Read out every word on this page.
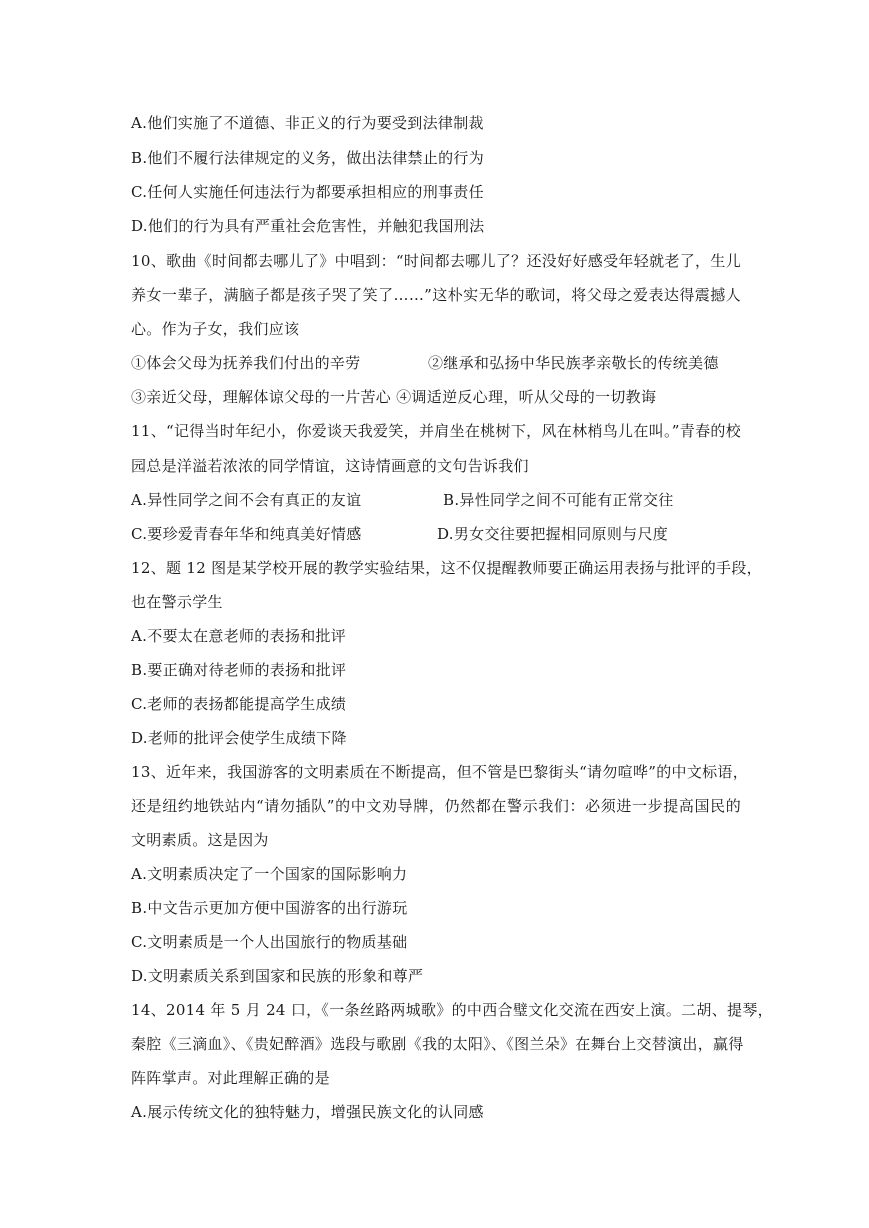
A.他们实施了不道德、非正义的行为要受到法律制裁
B.他们不履行法律规定的义务，做出法律禁止的行为
C.任何人实施任何违法行为都要承担相应的刑事责任
D.他们的行为具有严重社会危害性，并触犯我国刑法
10、歌曲《时间都去哪儿了》中唱到：“时间都去哪儿了？还没好好感受年轻就老了，生儿
养女一辈子，满脑子都是孩子哭了笑了……”这朴实无华的歌词，将父母之爱表达得震撼人
心。作为子女，我们应该
①体会父母为抚养我们付出的辛劳	②继承和弘扬中华民族孝亲敬长的传统美德
③亲近父母，理解体谅父母的一片苦心 ④调适逆反心理，听从父母的一切教诲
11、“记得当时年纪小，你爱谈天我爱笑，并肩坐在桃树下，风在林梢鸟儿在叫。”青春的校
园总是洋溢若浓浓的同学情谊，这诗情画意的文句告诉我们
A.异性同学之间不会有真正的友谊	B.异性同学之间不可能有正常交往
C.要珍爱青春年华和纯真美好情感	D.男女交往要把握相同原则与尺度
12、题 12 图是某学校开展的教学实验结果，这不仅提醒教师要正确运用表扬与批评的手段，
也在警示学生
A.不要太在意老师的表扬和批评
B.要正确对待老师的表扬和批评
C.老师的表扬都能提高学生成绩
D.老师的批评会使学生成绩下降
13、近年来，我国游客的文明素质在不断提高，但不管是巴黎街头“请勿喧哗”的中文标语，
还是纽约地铁站内“请勿插队”的中文劝导牌，仍然都在警示我们：必须进一步提高国民的
文明素质。这是因为
A.文明素质决定了一个国家的国际影响力
B.中文告示更加方便中国游客的出行游玩
C.文明素质是一个人出国旅行的物质基础
D.文明素质关系到国家和民族的形象和尊严
14、2014 年 5 月 24 口，《一条丝路两城歌》的中西合璧文化交流在西安上演。二胡、提琴，
秦腔《三滴血》、《贵妃醉酒》选段与歌剧《我的太阳》、《图兰朵》在舞台上交替演出，赢得
阵阵掌声。对此理解正确的是
A.展示传统文化的独特魅力，增强民族文化的认同感
